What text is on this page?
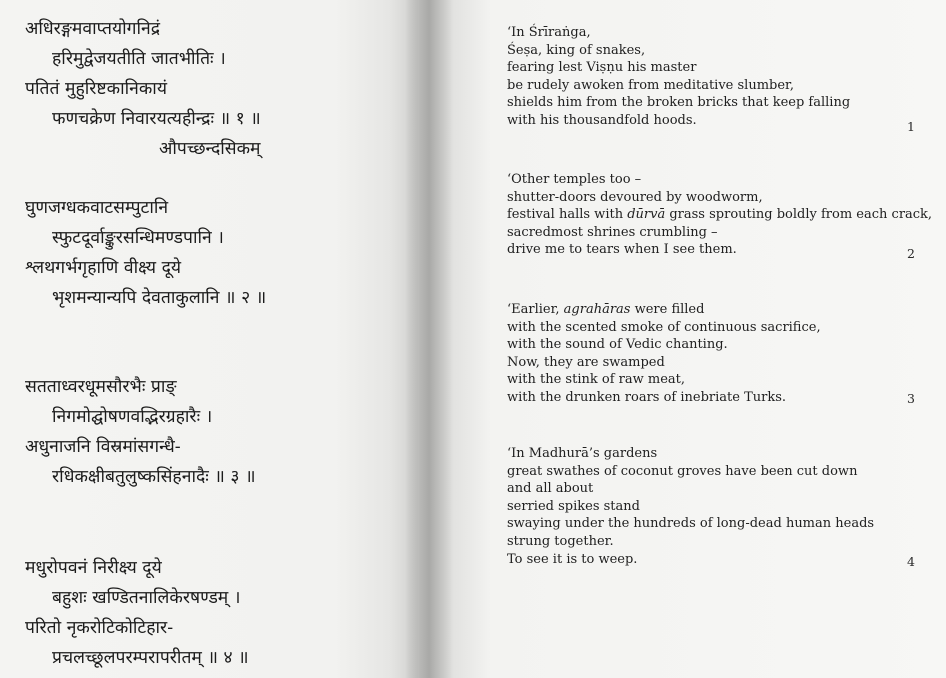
अधिरङ्गमवाप्तयोगनिद्रं
हरिमुद्वेजयतीति जातभीतिः ।
पतितं मुहुरिष्टकानिकायं
फणचक्रेण निवारयत्यहीन्द्रः ॥ १ ॥
औपच्छन्दसिकम्
घुणजग्धकवाटसम्पुटानि
स्फुटदूर्वाङ्कुरसन्धिमण्डपानि ।
श्लथगर्भगृहाणि वीक्ष्य दूये
भृशमन्यान्यपि देवताकुलानि ॥ २ ॥
सतताध्वरधूमसौरभैः प्राङ्
निगमोद्घोषणवद्भिरग्रहारैः ।
अधुनाजनि विस्रमांसगन्धै-
रधिकक्षीबतुलुष्कसिंहनादैः ॥ ३ ॥
मधुरोपवनं निरीक्ष्य दूये
बहुशः खण्डितनालिकेरषण्डम् ।
परितो नृकरोटिकोटिहार-
प्रचलच्छूलपरम्परापरीतम् ॥ ४ ॥
‘In Śrīraṅga,
Śeṣa, king of snakes,
fearing lest Viṣṇu his master
be rudely awoken from meditative slumber,
shields him from the broken bricks that keep falling
with his thousandfold hoods.	1
‘Other temples too –
shutter-doors devoured by woodworm,
festival halls with dūrvā grass sprouting boldly from each crack,
sacredmost shrines crumbling –
drive me to tears when I see them.	2
‘Earlier, agrahāras were filled
with the scented smoke of continuous sacrifice,
with the sound of Vedic chanting.
Now, they are swamped
with the stink of raw meat,
with the drunken roars of inebriate Turks.	3
‘In Madhurā’s gardens
great swathes of coconut groves have been cut down
and all about
serried spikes stand
swaying under the hundreds of long-dead human heads
strung together.
To see it is to weep.	4
